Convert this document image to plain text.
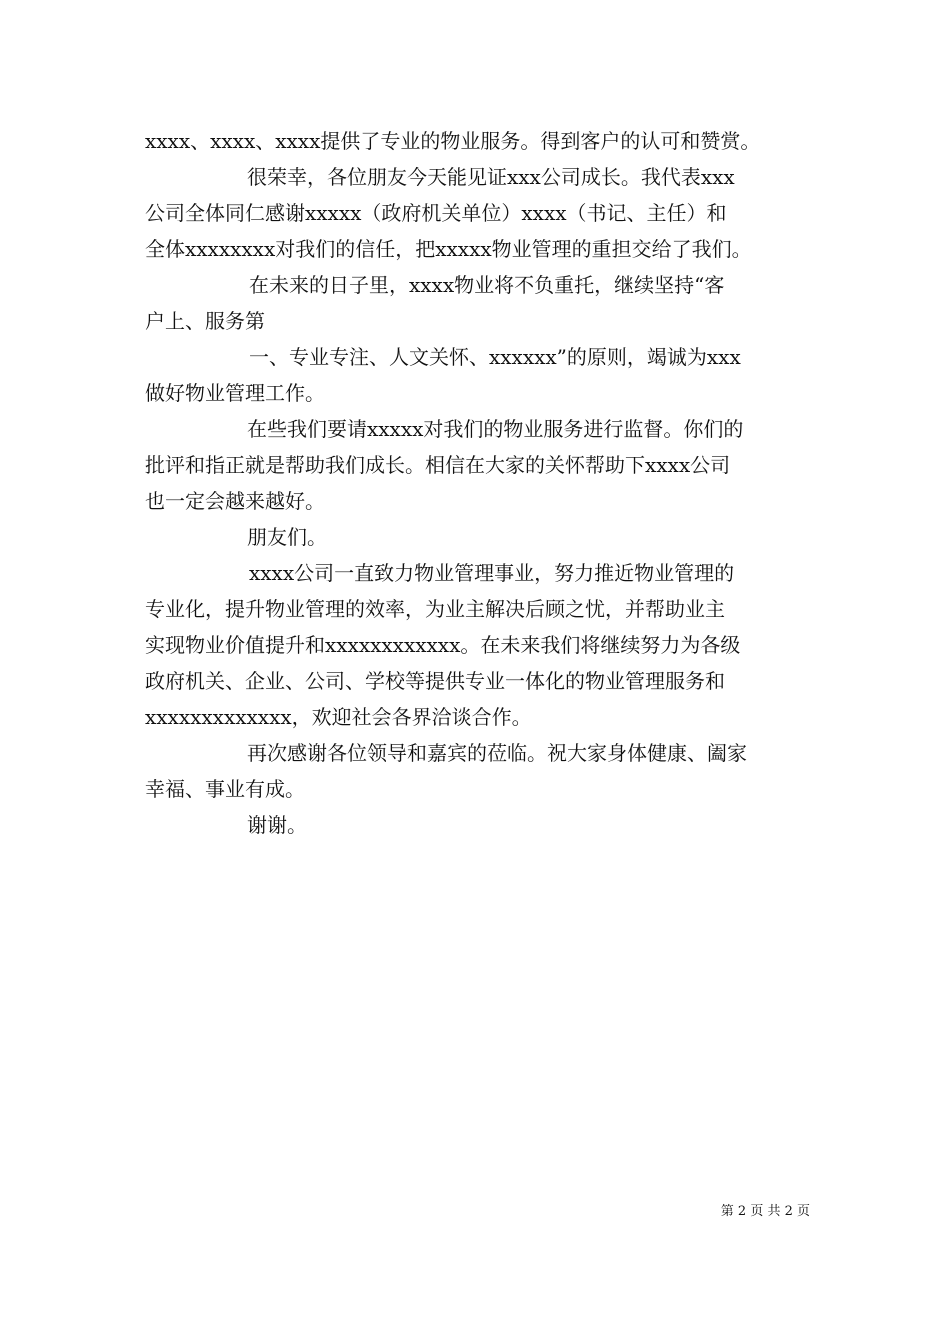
xxxx、xxxx、xxxx提供了专业的物业服务。得到客户的认可和赞赏。
很荣幸，各位朋友今天能见证xxx公司成长。我代表xxx
公司全体同仁感谢xxxxx（政府机关单位）xxxx（书记、主任）和
全体xxxxxxxx对我们的信任，把xxxxx物业管理的重担交给了我们。
在未来的日子里，xxxx物业将不负重托，继续坚持“客
户上、服务第
一、专业专注、人文关怀、xxxxxx”的原则，竭诚为xxx
做好物业管理工作。
在些我们要请xxxxx对我们的物业服务进行监督。你们的
批评和指正就是帮助我们成长。相信在大家的关怀帮助下xxxx公司
也一定会越来越好。
朋友们。
xxxx公司一直致力物业管理事业，努力推近物业管理的
专业化，提升物业管理的效率，为业主解决后顾之忧，并帮助业主
实现物业价值提升和xxxxxxxxxxxx。在未来我们将继续努力为各级
政府机关、企业、公司、学校等提供专业一体化的物业管理服务和
xxxxxxxxxxxxx，欢迎社会各界洽谈合作。
再次感谢各位领导和嘉宾的莅临。祝大家身体健康、阖家
幸福、事业有成。
谢谢。
第 2 页 共 2 页
